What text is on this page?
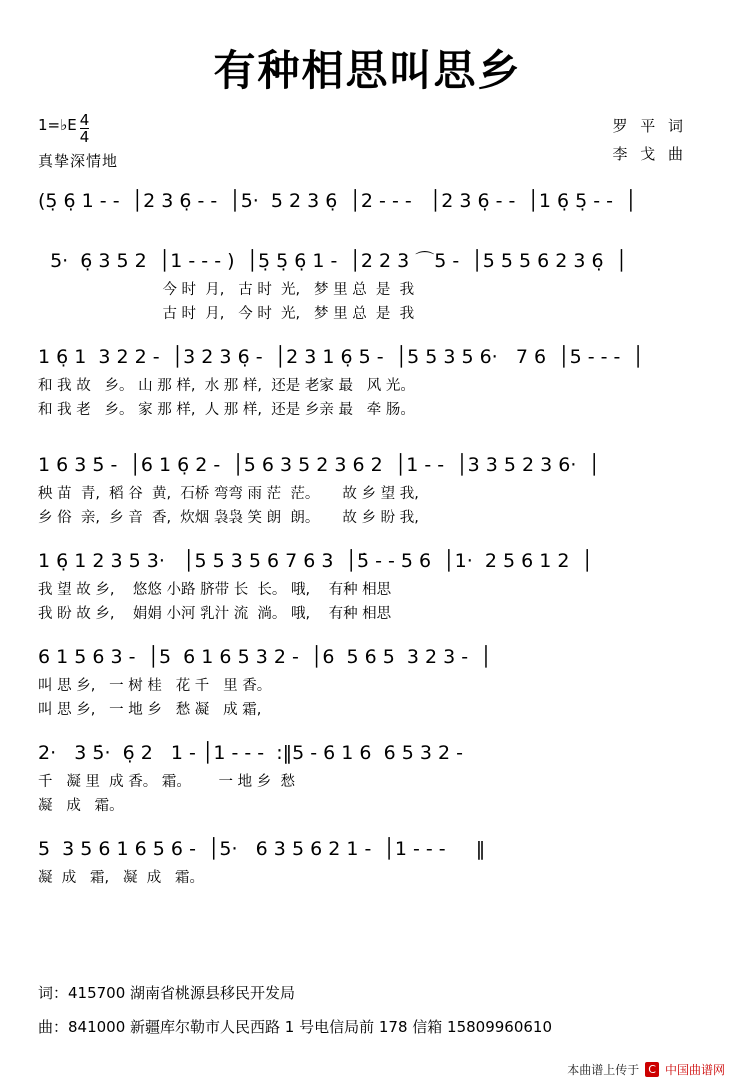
有种相思叫思乡
1= ♭E $\frac{4}{4}$
真挚深情地
罗 平 词
李 戈 曲
(5̣ 6̣ 1 - -  │2 3 6̣ - -  │5·  5 2 3 6̣  │2 - - -   │2 3 6̣ - -  │1 6̣ 5̣ - -  │
5·  6̣ 3 5 2  │1 - - - )  │5̣ 5̣ 6̣ 1 -  │2 2 3 ⌒5 -  │5 5 5 6 2 3 6̣  │
今 时  月,   古 时  光,   梦 里 总  是  我
古 时  月,   今 时  光,   梦 里 总  是  我
1 6̣ 1  3 2 2 -  │3 2 3 6̣ -  │2 3 1 6̣ 5 -  │5 5 3 5 6·   7 6  │5 - - -  │
和 我 故   乡。 山 那 样,  水 那 样,  还是 老家 最   风 光。
和 我 老   乡。 家 那 样,  人 那 样,  还是 乡亲 最   牵 肠。
1 6 3 5̇ -  │6 1 6̣ 2 -  │5 6 3 5 2 3 6 2  │1 - -  │3 3 5 2 3 6·  │
秧 苗  青,  稻 谷  黄,  石桥 弯弯 雨 茫  茫。     故 乡 望 我,
乡 俗  亲,  乡 音  香,  炊烟 袅袅 笑 朗  朗。     故 乡 盼 我,
1 6̣ 1 2 3 5 3·   │5 5 3 5 6 7 6 3  │5̇ - - 5 6  │1·  2 5 6 1 2  │
我 望 故 乡,    悠悠 小路 脐带 长  长。 哦,    有种 相思
我 盼 故 乡,    娟娟 小河 乳汁 流  淌。 哦,    有种 相思
6 1 5 6 3 -  │5  6 1 6 5 3 2 -  │6  5 6 5  3 2 3 -  │
叫 思 乡,   一 树 桂   花 千   里 香。
叫 思 乡,   一 地 乡   愁 凝   成 霜,
2·   3 5̇·  6̣ 2   1 - │1 - - -  :‖5 - 6 1 6  6 5 3 2 -
千   凝 里  成 香。 霜。      一 地 乡  愁
凝   成   霜。
5  3 5 6 1 6 5 6 -  │5·   6 3 5 6 2 1 -  │1 - - -     ‖
凝  成   霜,   凝  成   霜。
词：415700 湖南省桃源县移民开发局
曲：841000 新疆库尔勒市人民西路 1 号电信局前 178 信箱 15809960610
本曲谱上传于 C 中国曲谱网
